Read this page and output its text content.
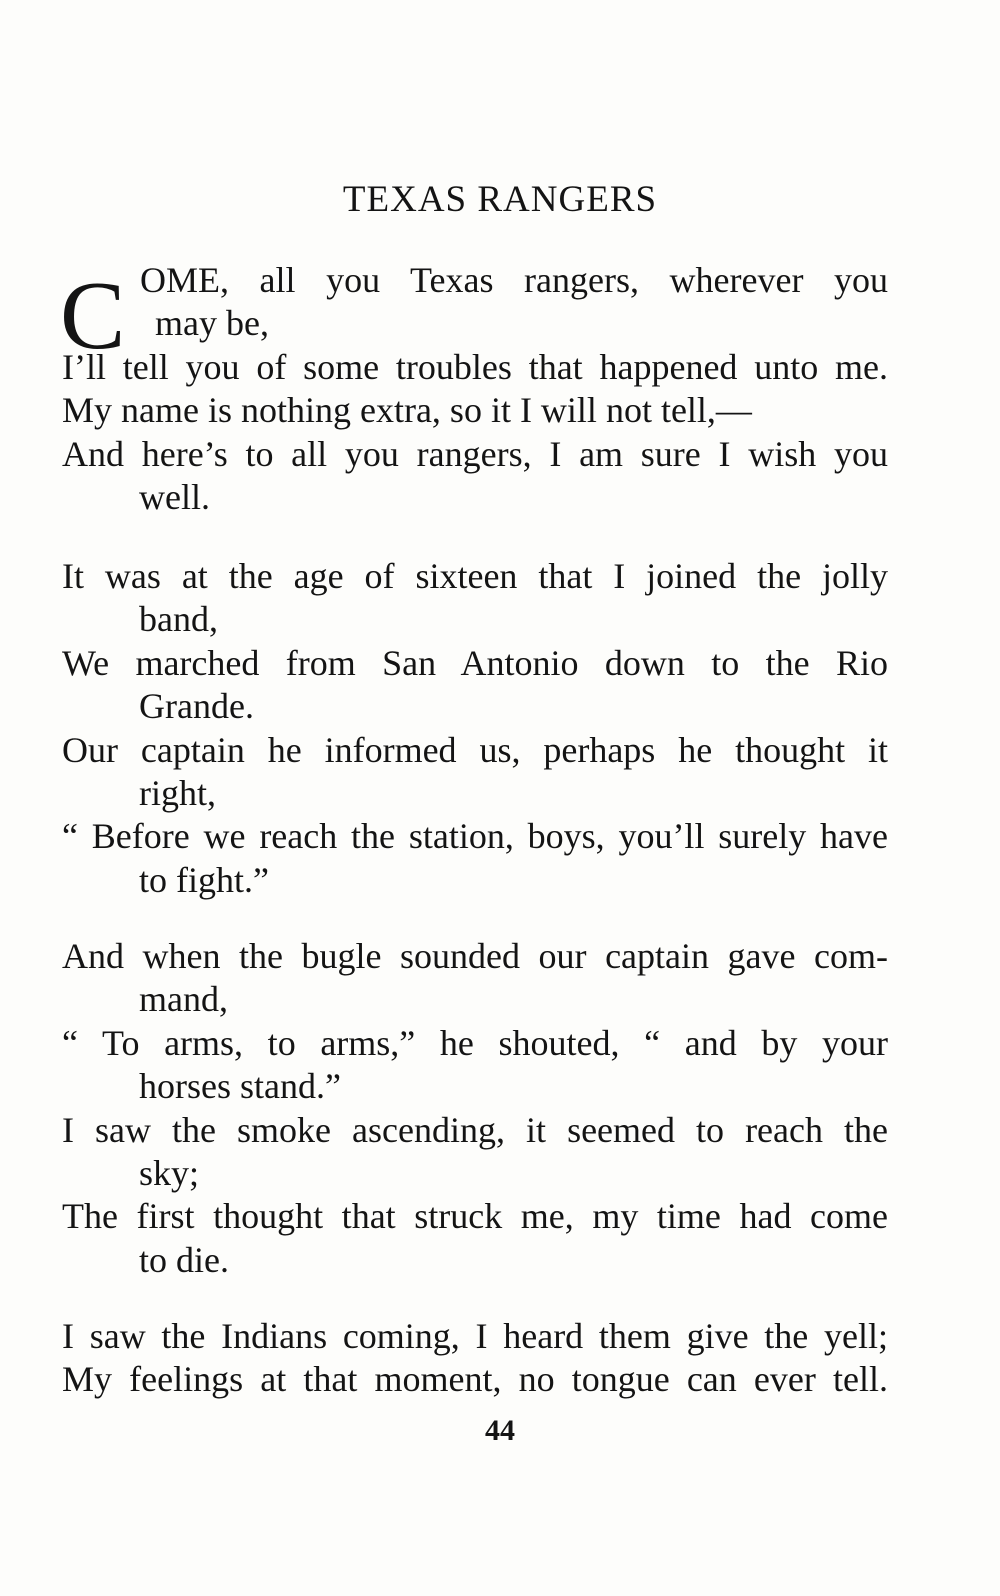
TEXAS RANGERS
C OME, all you Texas rangers, wherever you
may be,
I’ll tell you of some troubles that happened unto me.
My name is nothing extra, so it I will not tell,—
And here’s to all you rangers, I am sure I wish you
well.
It was at the age of sixteen that I joined the jolly
band,
We marched from San Antonio down to the Rio
Grande.
Our captain he informed us, perhaps he thought it
right,
“ Before we reach the station, boys, you’ll surely have
to fight.”
And when the bugle sounded our captain gave com-
mand,
“ To arms, to arms,” he shouted, “ and by your
horses stand.”
I saw the smoke ascending, it seemed to reach the
sky;
The first thought that struck me, my time had come
to die.
I saw the Indians coming, I heard them give the yell;
My feelings at that moment, no tongue can ever tell.
44
